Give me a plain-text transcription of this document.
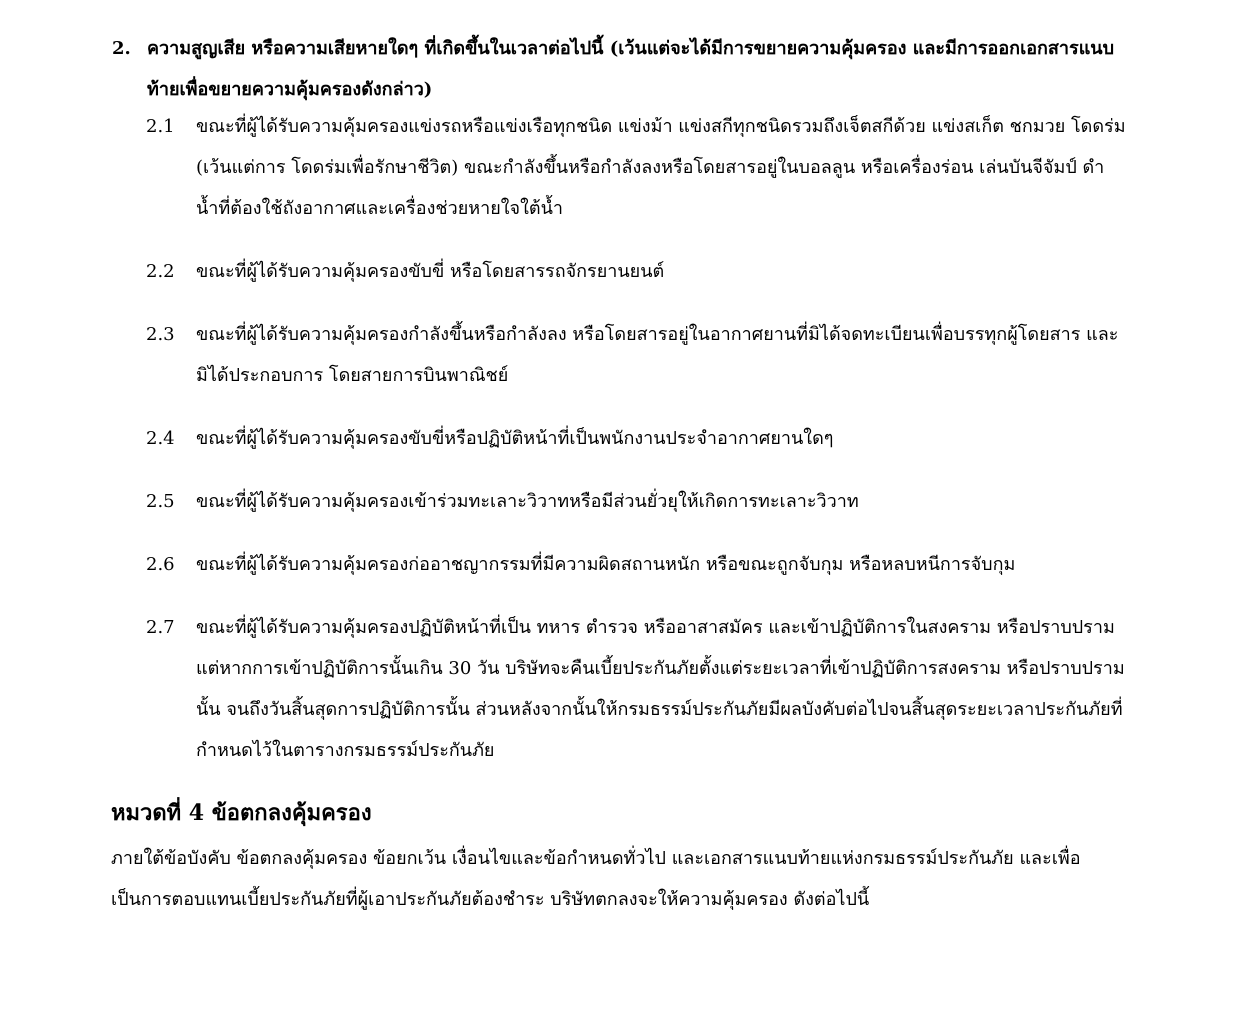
2. ความสูญเสีย หรือความเสียหายใดๆ ที่เกิดขึ้นในเวลาต่อไปนี้ (เว้นแต่จะได้มีการขยายความคุ้มครอง และมีการออกเอกสารแนบท้ายเพื่อขยายความคุ้มครองดังกล่าว)
2.1	ขณะที่ผู้ได้รับความคุ้มครองแข่งรถหรือแข่งเรือทุกชนิด แข่งม้า แข่งสกีทุกชนิดรวมถึงเจ็ตสกีด้วย แข่งสเก็ต ชกมวย โดดร่ม (เว้นแต่การ โดดร่มเพื่อรักษาชีวิต) ขณะกำลังขึ้นหรือกำลังลงหรือโดยสารอยู่ในบอลลูน หรือเครื่องร่อน เล่นบันจีจัมป์ ดำน้ำที่ต้องใช้ถังอากาศและเครื่องช่วยหายใจใต้น้ำ
2.2	ขณะที่ผู้ได้รับความคุ้มครองขับขี่ หรือโดยสารรถจักรยานยนต์
2.3	ขณะที่ผู้ได้รับความคุ้มครองกำลังขึ้นหรือกำลังลง หรือโดยสารอยู่ในอากาศยานที่มิได้จดทะเบียนเพื่อบรรทุกผู้โดยสาร และมิได้ประกอบการ โดยสายการบินพาณิชย์
2.4	ขณะที่ผู้ได้รับความคุ้มครองขับขี่หรือปฏิบัติหน้าที่เป็นพนักงานประจำอากาศยานใดๆ
2.5	ขณะที่ผู้ได้รับความคุ้มครองเข้าร่วมทะเลาะวิวาทหรือมีส่วนยั่วยุให้เกิดการทะเลาะวิวาท
2.6	ขณะที่ผู้ได้รับความคุ้มครองก่ออาชญากรรมที่มีความผิดสถานหนัก หรือขณะถูกจับกุม หรือหลบหนีการจับกุม
2.7	ขณะที่ผู้ได้รับความคุ้มครองปฏิบัติหน้าที่เป็น ทหาร ตำรวจ หรืออาสาสมัคร และเข้าปฏิบัติการในสงคราม หรือปราบปราม แต่หากการเข้าปฏิบัติการนั้นเกิน 30 วัน บริษัทจะคืนเบี้ยประกันภัยตั้งแต่ระยะเวลาที่เข้าปฏิบัติการสงคราม หรือปราบปรามนั้น จนถึงวันสิ้นสุดการปฏิบัติการนั้น ส่วนหลังจากนั้นให้กรมธรรม์ประกันภัยมีผลบังคับต่อไปจนสิ้นสุดระยะเวลาประกันภัยที่กำหนดไว้ในตารางกรมธรรม์ประกันภัย
หมวดที่ 4 ข้อตกลงคุ้มครอง
ภายใต้ข้อบังคับ ข้อตกลงคุ้มครอง ข้อยกเว้น เงื่อนไขและข้อกำหนดทั่วไป และเอกสารแนบท้ายแห่งกรมธรรม์ประกันภัย และเพื่อเป็นการตอบแทนเบี้ยประกันภัยที่ผู้เอาประกันภัยต้องชำระ บริษัทตกลงจะให้ความคุ้มครอง ดังต่อไปนี้
